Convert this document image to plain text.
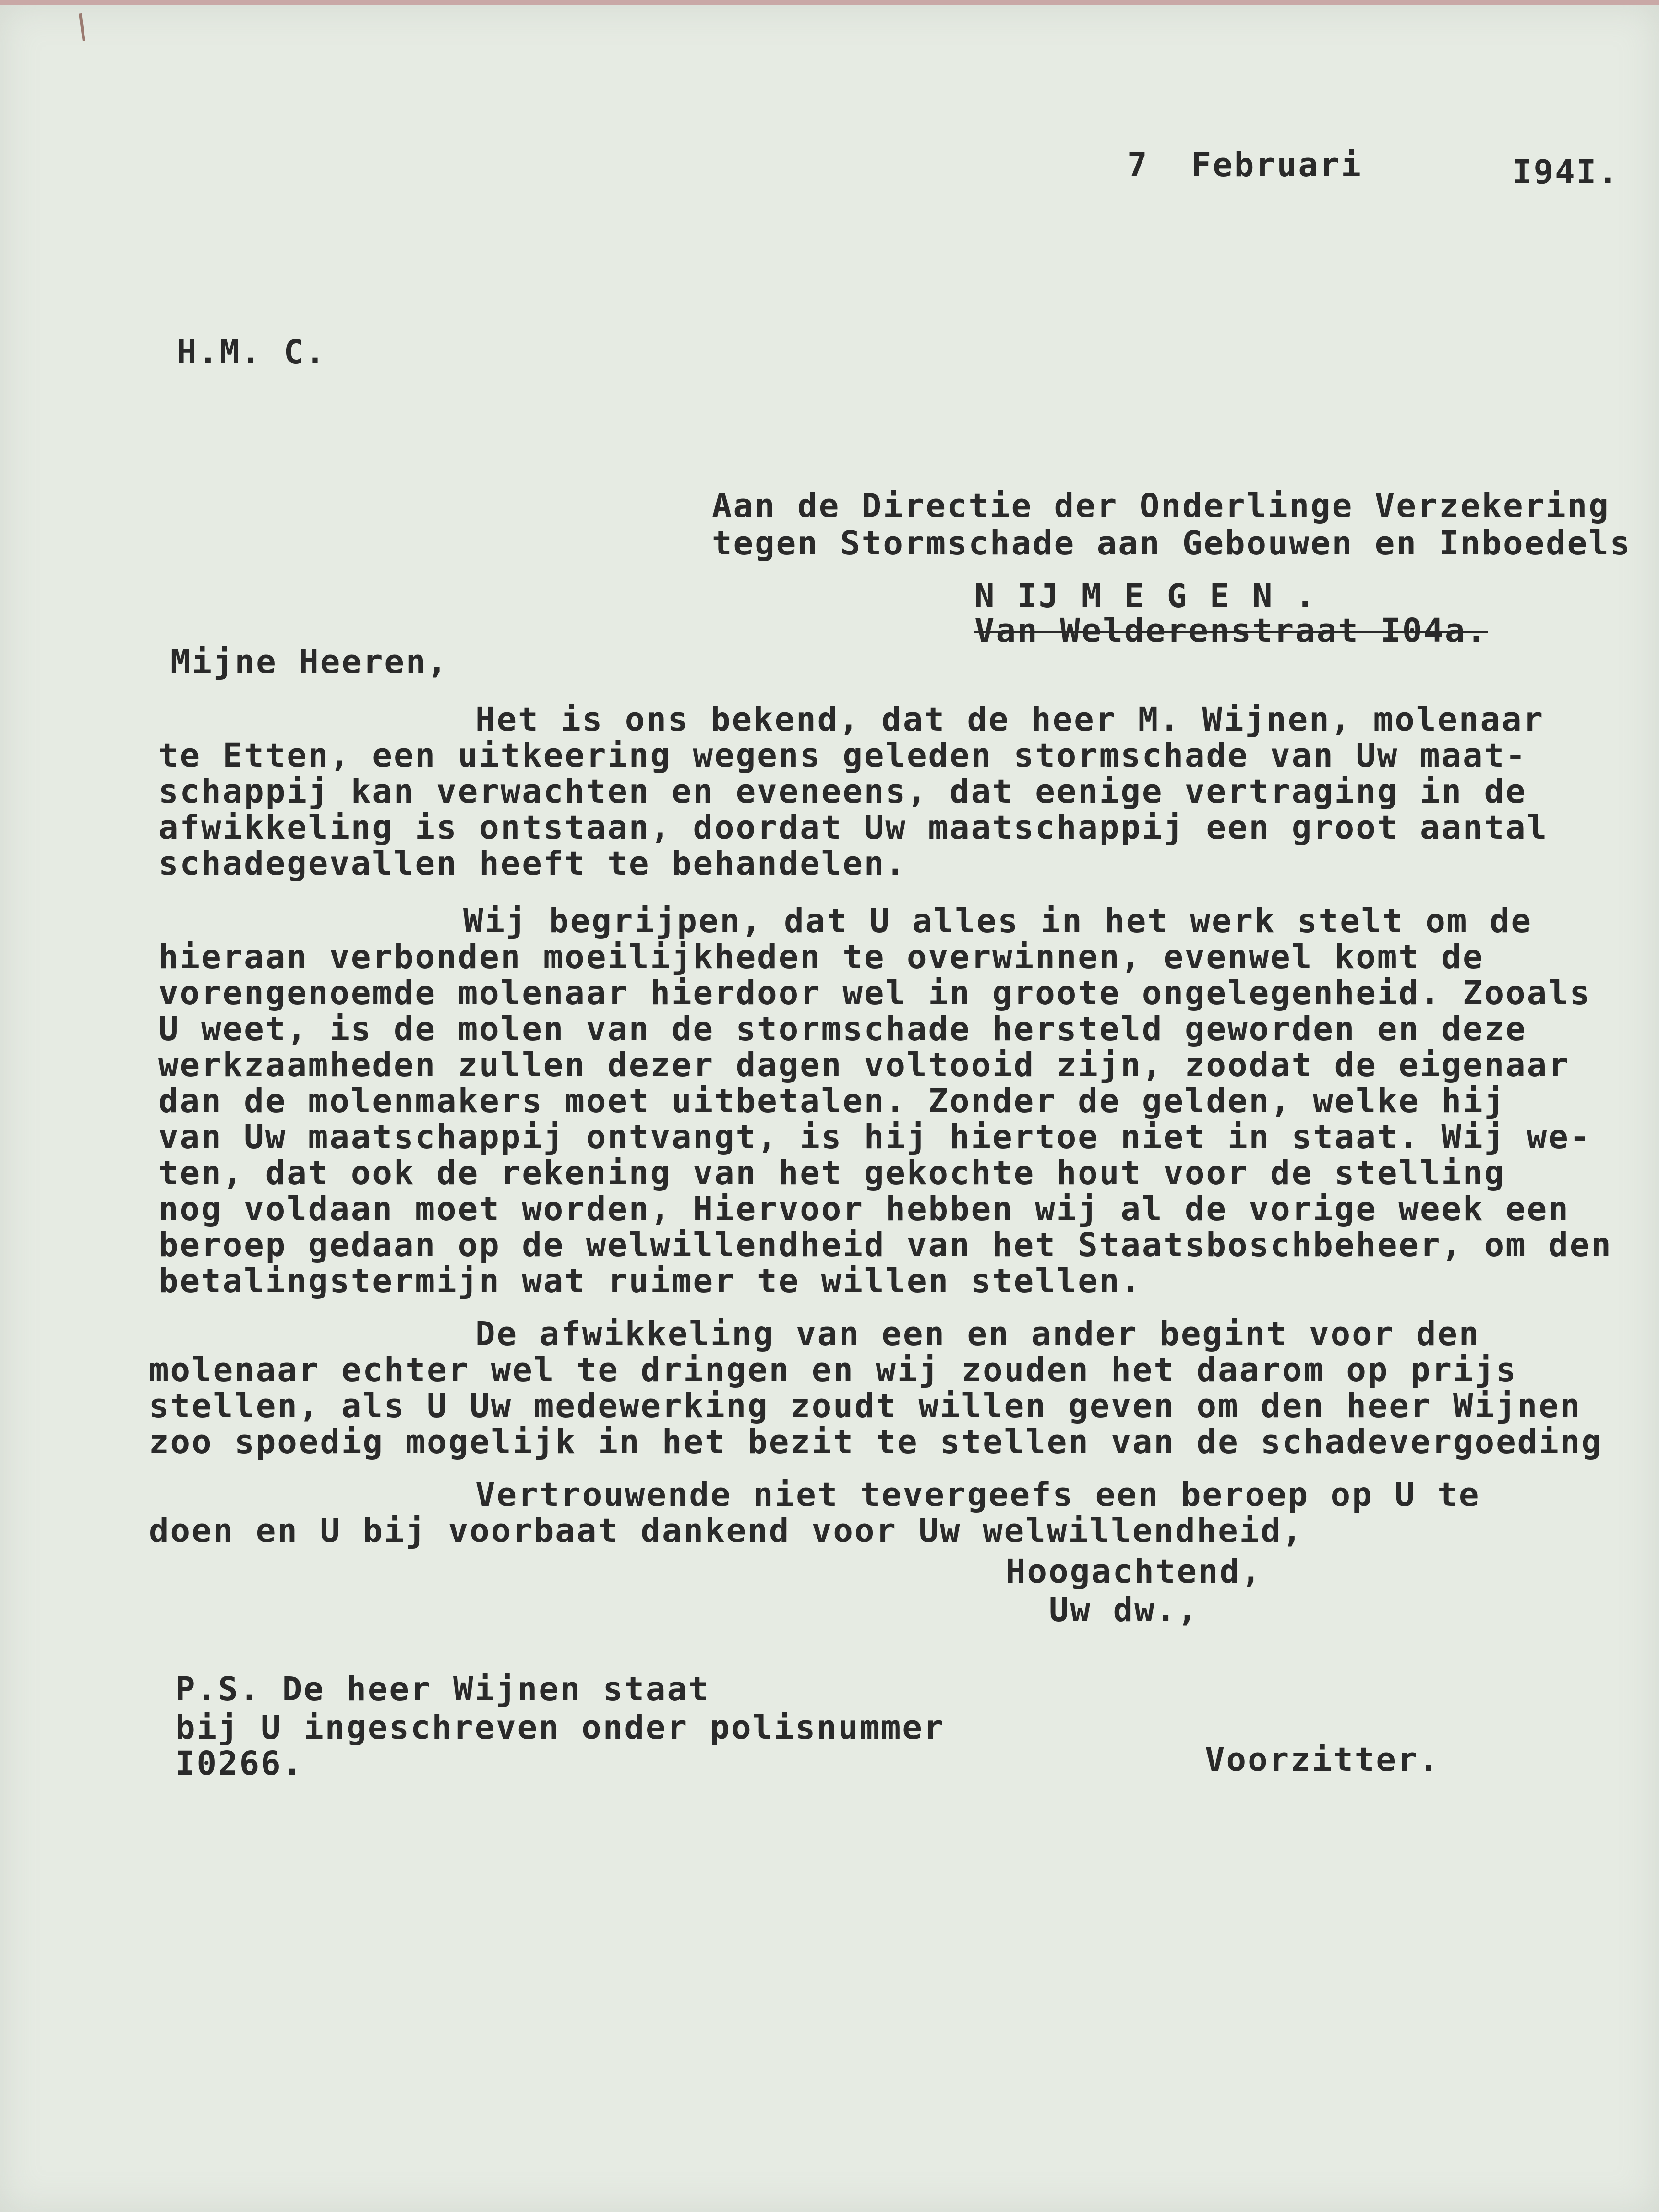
7  Februari	I94I.
H.M. C.
Aan de Directie der Onderlinge Verzekering
tegen Stormschade aan Gebouwen en Inboedels
N IJ M E G E N .
Van Welderenstraat I04a.
Mijne Heeren,
Het is ons bekend, dat de heer M. Wijnen, molenaar
te Etten, een uitkeering wegens geleden stormschade van Uw maat-
schappij kan verwachten en eveneens, dat eenige vertraging in de
afwikkeling is ontstaan, doordat Uw maatschappij een groot aantal
schadegevallen heeft te behandelen.
Wij begrijpen, dat U alles in het werk stelt om de
hieraan verbonden moeilijkheden te overwinnen, evenwel komt de
vorengenoemde molenaar hierdoor wel in groote ongelegenheid. Zooals
U weet, is de molen van de stormschade hersteld geworden en deze
werkzaamheden zullen dezer dagen voltooid zijn, zoodat de eigenaar
dan de molenmakers moet uitbetalen. Zonder de gelden, welke hij
van Uw maatschappij ontvangt, is hij hiertoe niet in staat. Wij we-
ten, dat ook de rekening van het gekochte hout voor de stelling
nog voldaan moet worden, Hiervoor hebben wij al de vorige week een
beroep gedaan op de welwillendheid van het Staatsboschbeheer, om den
betalingstermijn wat ruimer te willen stellen.
De afwikkeling van een en ander begint voor den
molenaar echter wel te dringen en wij zouden het daarom op prijs
stellen, als U Uw medewerking zoudt willen geven om den heer Wijnen
zoo spoedig mogelijk in het bezit te stellen van de schadevergoeding
Vertrouwende niet tevergeefs een beroep op U te
doen en U bij voorbaat dankend voor Uw welwillendheid,
Hoogachtend,
Uw dw.,
P.S. De heer Wijnen staat
bij U ingeschreven onder polisnummer
I0266.	Voorzitter.
